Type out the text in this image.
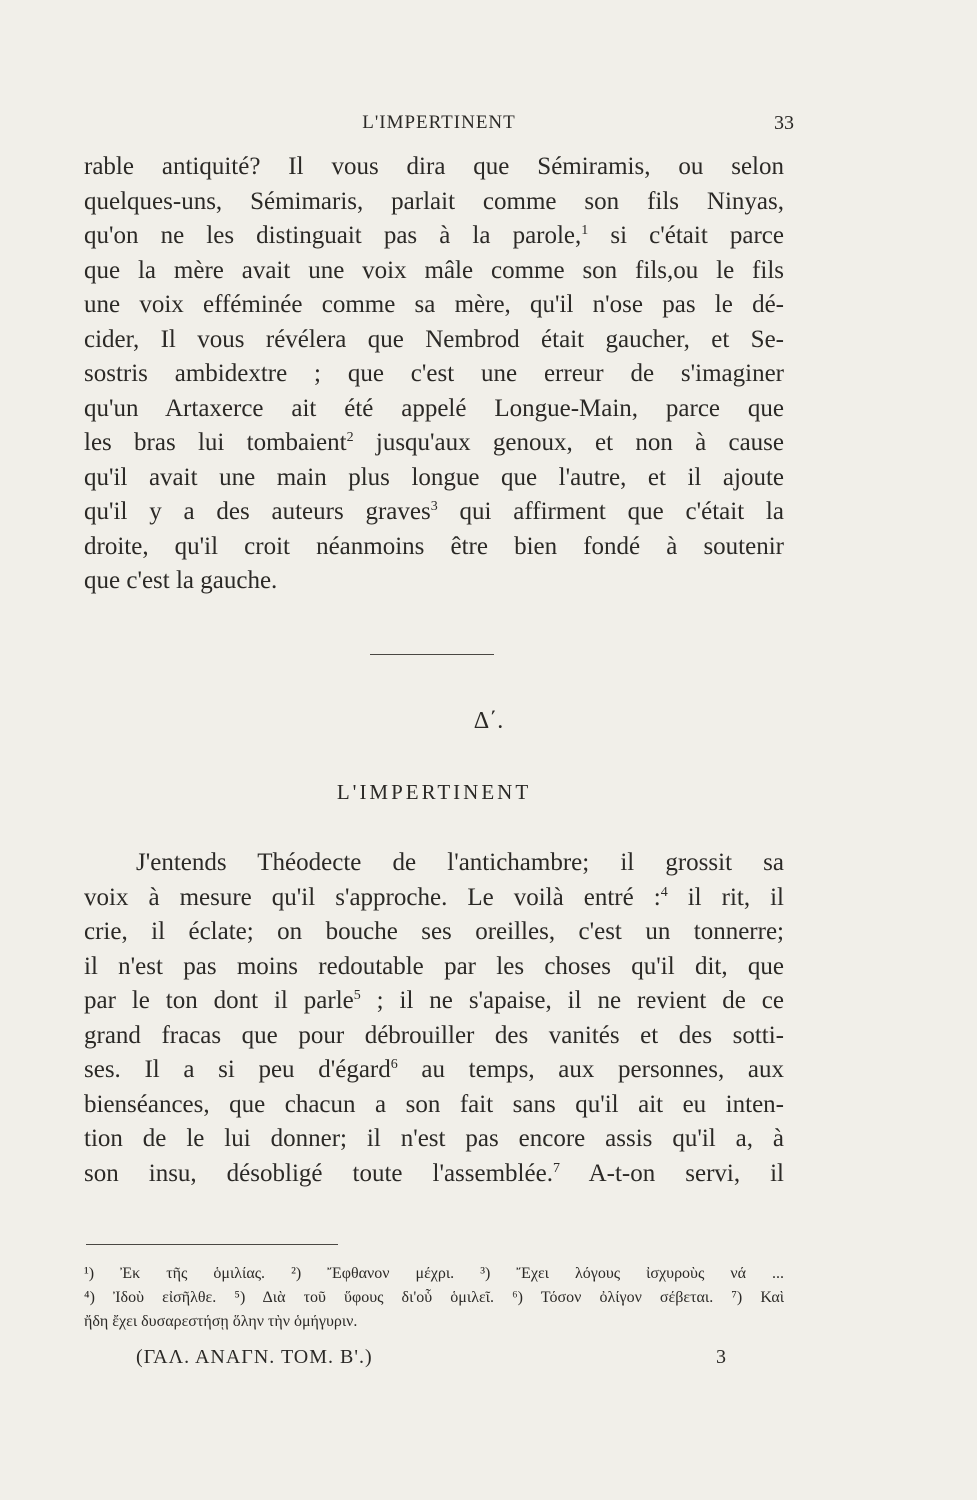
L'IMPERTINENT	33
rable antiquité? Il vous dira que Sémiramis, ou selon
quelques-uns, Sémimaris, parlait comme son fils Ninyas,
qu'on ne les distinguait pas à la parole,$^1$ si c'était parce
que la mère avait une voix mâle comme son fils,ou le fils
une voix efféminée comme sa mère, qu'il n'ose pas le dé-
cider, Il vous révélera que Nembrod était gaucher, et Se-
sostris ambidextre ; que c'est une erreur de s'imaginer
qu'un Artaxerce ait été appelé Longue-Main, parce que
les bras lui tombaient$^2$ jusqu'aux genoux, et non à cause
qu'il avait une main plus longue que l'autre, et il ajoute
qu'il y a des auteurs graves$^3$ qui affirment que c'était la
droite, qu'il croit néanmoins être bien fondé à soutenir
que c'est la gauche.
Δ΄.
L'IMPERTINENT
J'entends Théodecte de l'antichambre; il grossit sa
voix à mesure qu'il s'approche. Le voilà entré :$^4$ il rit, il
crie, il éclate; on bouche ses oreilles, c'est un tonnerre;
il n'est pas moins redoutable par les choses qu'il dit, que
par le ton dont il parle$^5$ ; il ne s'apaise, il ne revient de ce
grand fracas que pour débrouiller des vanités et des sotti-
ses. Il a si peu d'égard$^6$ au temps, aux personnes, aux
bienséances, que chacun a son fait sans qu'il ait eu inten-
tion de le lui donner; il n'est pas encore assis qu'il a, à
son insu, désobligé toute l'assemblée.$^7$ A-t-on servi, il
¹) Ἐκ τῆς ὁμιλίας. ²) Ἔφθανον μέχρι. ³) Ἔχει λόγους ἰσχυροὺς νά ...
⁴) Ἰδοὺ εἰσῆλθε. ⁵) Διὰ τοῦ ὕφους δι'οὗ ὁμιλεῖ. ⁶) Τόσον ὀλίγον σέβεται. ⁷) Καὶ
ἤδη ἔχει δυσαρεστήσῃ ὅλην τὴν ὁμήγυριν.
(ΓΑΛ. ΑΝΑΓΝ. ΤΟΜ. Β'.)	3
